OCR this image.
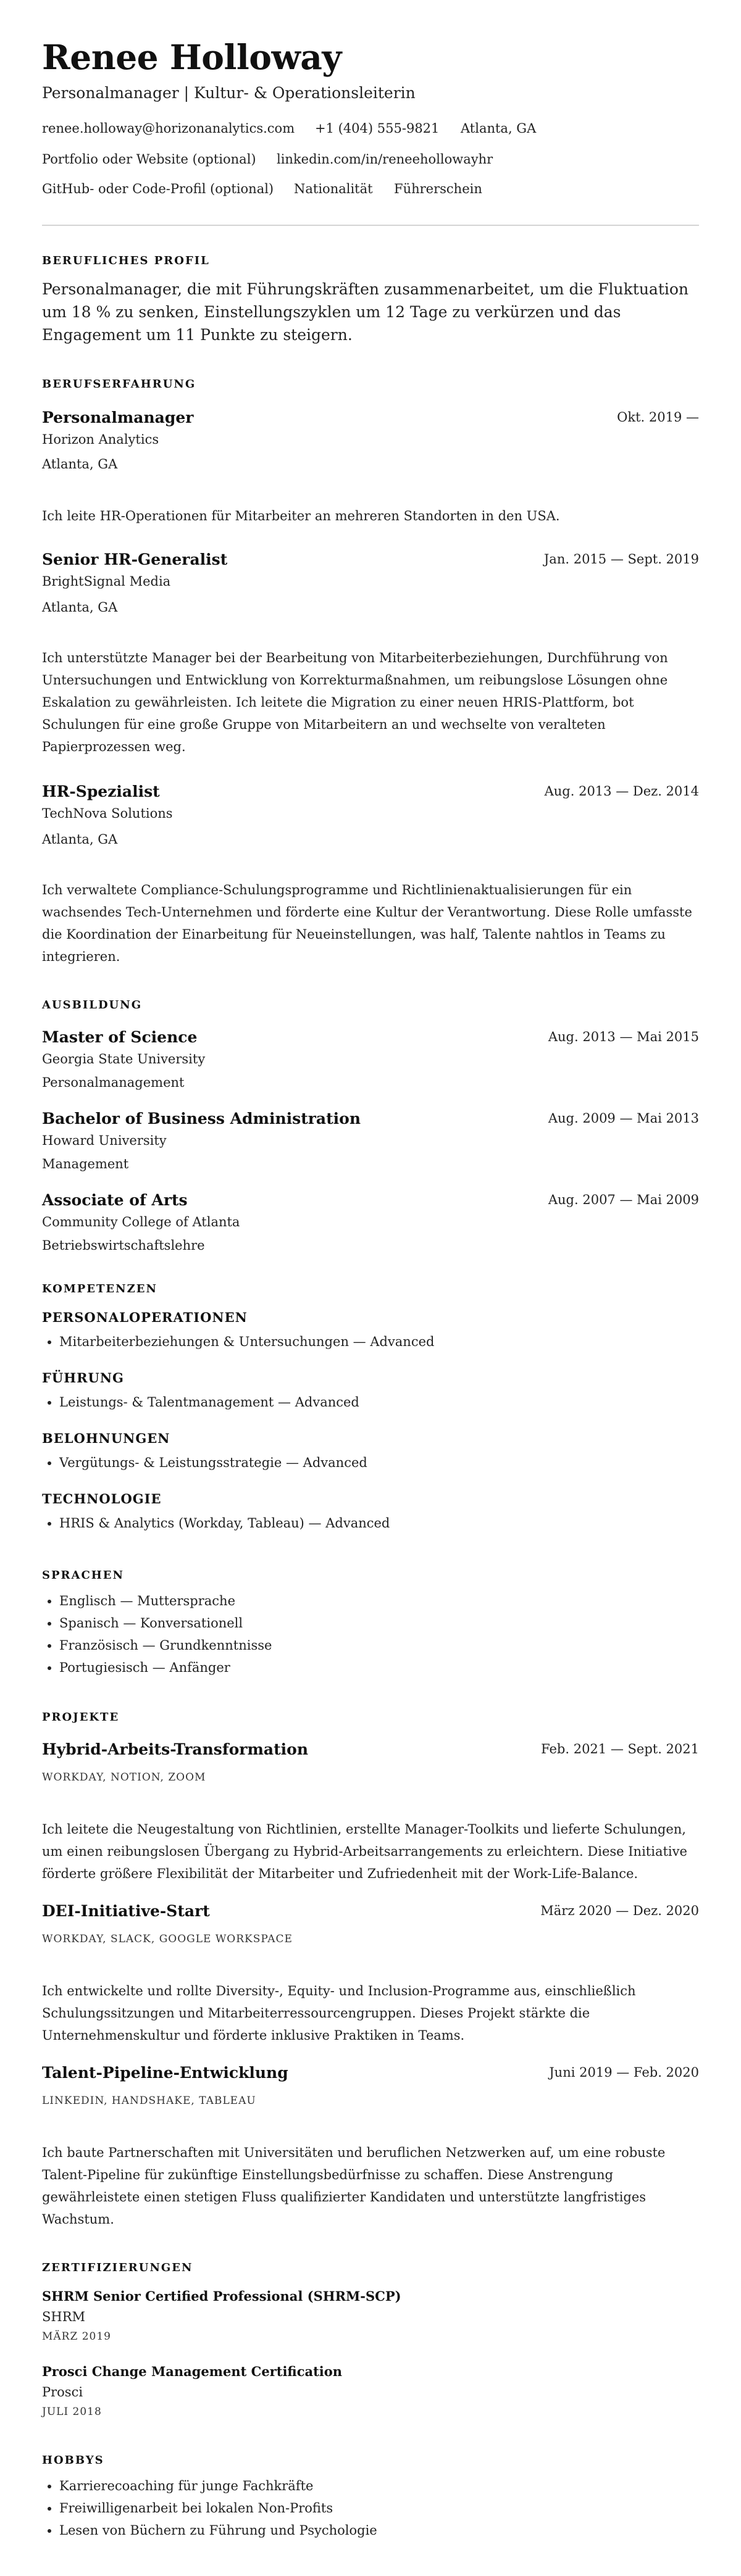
Renee Holloway
Personalmanager | Kultur- & Operationsleiterin
renee.holloway@horizonanalytics.com +1 (404) 555-9821 Atlanta, GA
Portfolio oder Website (optional) linkedin.com/in/reneehollowayhr
GitHub- oder Code-Profil (optional) Nationalität Führerschein
BERUFLICHES PROFIL
Personalmanager, die mit Führungskräften zusammenarbeitet, um die Fluktuation um 18 % zu senken, Einstellungszyklen um 12 Tage zu verkürzen und das Engagement um 11 Punkte zu steigern.
BERUFSERFAHRUNG
Personalmanager	Okt. 2019 —
Horizon Analytics
Atlanta, GA
Ich leite HR-Operationen für Mitarbeiter an mehreren Standorten in den USA.
Senior HR-Generalist	Jan. 2015 — Sept. 2019
BrightSignal Media
Atlanta, GA
Ich unterstützte Manager bei der Bearbeitung von Mitarbeiterbeziehungen, Durchführung von Untersuchungen und Entwicklung von Korrekturmaßnahmen, um reibungslose Lösungen ohne Eskalation zu gewährleisten. Ich leitete die Migration zu einer neuen HRIS-Plattform, bot Schulungen für eine große Gruppe von Mitarbeitern an und wechselte von veralteten Papierprozessen weg.
HR-Spezialist	Aug. 2013 — Dez. 2014
TechNova Solutions
Atlanta, GA
Ich verwaltete Compliance-Schulungsprogramme und Richtlinienaktualisierungen für ein wachsendes Tech-Unternehmen und förderte eine Kultur der Verantwortung. Diese Rolle umfasste die Koordination der Einarbeitung für Neueinstellungen, was half, Talente nahtlos in Teams zu integrieren.
AUSBILDUNG
Master of Science	Aug. 2013 — Mai 2015
Georgia State University
Personalmanagement
Bachelor of Business Administration	Aug. 2009 — Mai 2013
Howard University
Management
Associate of Arts	Aug. 2007 — Mai 2009
Community College of Atlanta
Betriebswirtschaftslehre
KOMPETENZEN
PERSONALOPERATIONEN
• Mitarbeiterbeziehungen & Untersuchungen — Advanced
FÜHRUNG
• Leistungs- & Talentmanagement — Advanced
BELOHNUNGEN
• Vergütungs- & Leistungsstrategie — Advanced
TECHNOLOGIE
• HRIS & Analytics (Workday, Tableau) — Advanced
SPRACHEN
• Englisch — Muttersprache
• Spanisch — Konversationell
• Französisch — Grundkenntnisse
• Portugiesisch — Anfänger
PROJEKTE
Hybrid-Arbeits-Transformation	Feb. 2021 — Sept. 2021
WORKDAY, NOTION, ZOOM
Ich leitete die Neugestaltung von Richtlinien, erstellte Manager-Toolkits und lieferte Schulungen, um einen reibungslosen Übergang zu Hybrid-Arbeitsarrangements zu erleichtern. Diese Initiative förderte größere Flexibilität der Mitarbeiter und Zufriedenheit mit der Work-Life-Balance.
DEI-Initiative-Start	März 2020 — Dez. 2020
WORKDAY, SLACK, GOOGLE WORKSPACE
Ich entwickelte und rollte Diversity-, Equity- und Inclusion-Programme aus, einschließlich Schulungssitzungen und Mitarbeiterressourcengruppen. Dieses Projekt stärkte die Unternehmenskultur und förderte inklusive Praktiken in Teams.
Talent-Pipeline-Entwicklung	Juni 2019 — Feb. 2020
LINKEDIN, HANDSHAKE, TABLEAU
Ich baute Partnerschaften mit Universitäten und beruflichen Netzwerken auf, um eine robuste Talent-Pipeline für zukünftige Einstellungsbedürfnisse zu schaffen. Diese Anstrengung gewährleistete einen stetigen Fluss qualifizierter Kandidaten und unterstützte langfristiges Wachstum.
ZERTIFIZIERUNGEN
SHRM Senior Certified Professional (SHRM-SCP)
SHRM
MÄRZ 2019
Prosci Change Management Certification
Prosci
JULI 2018
HOBBYS
• Karrierecoaching für junge Fachkräfte
• Freiwilligenarbeit bei lokalen Non-Profits
• Lesen von Büchern zu Führung und Psychologie
